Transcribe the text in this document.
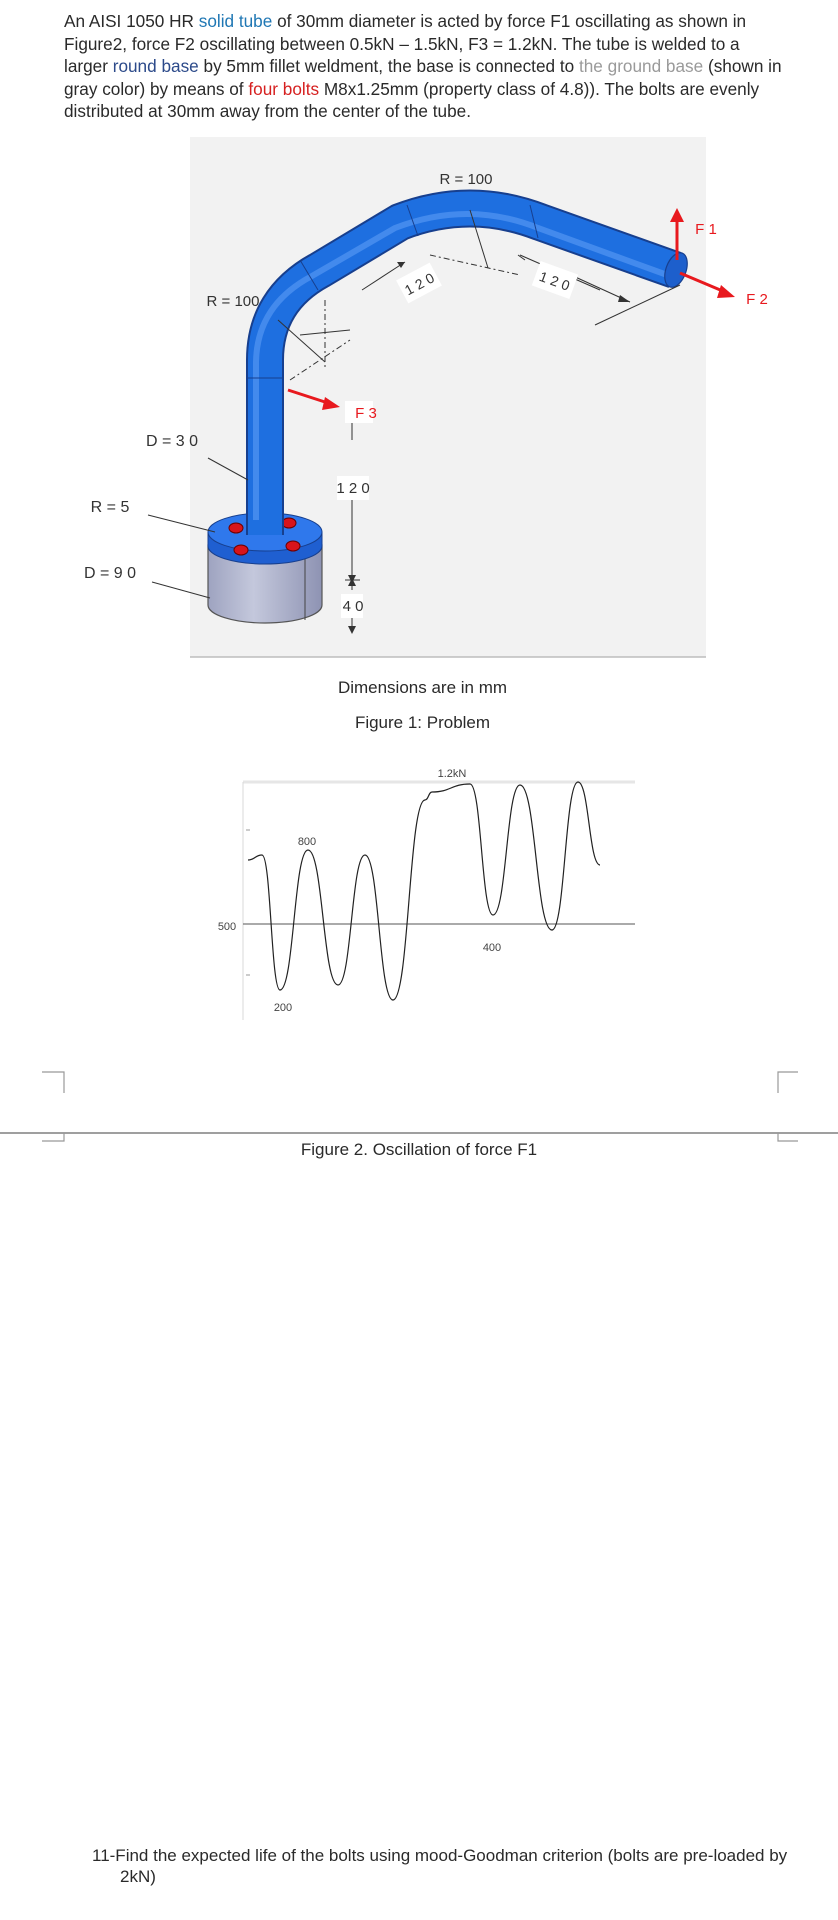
An AISI 1050 HR solid tube of 30mm diameter is acted by force F1 oscillating as shown in Figure2, force F2 oscillating between 0.5kN – 1.5kN, F3 = 1.2kN. The tube is welded to a larger round base by 5mm fillet weldment, the base is connected to the ground base (shown in gray color) by means of four bolts M8x1.25mm (property class of 4.8)). The bolts are evenly distributed at 30mm away from the center of the tube.
R = 100
R = 100
D = 3 0
R = 5
D = 9 0
1 2 0	1 2 0
1 2 0
4 0
F 1
F 2
F 3
Dimensions are in mm
Figure 1: Problem
1.2kN
800
500
400
200
Figure 2. Oscillation of force F1
11-Find the expected life of the bolts using mood-Goodman criterion (bolts are pre-loaded by 2kN)
